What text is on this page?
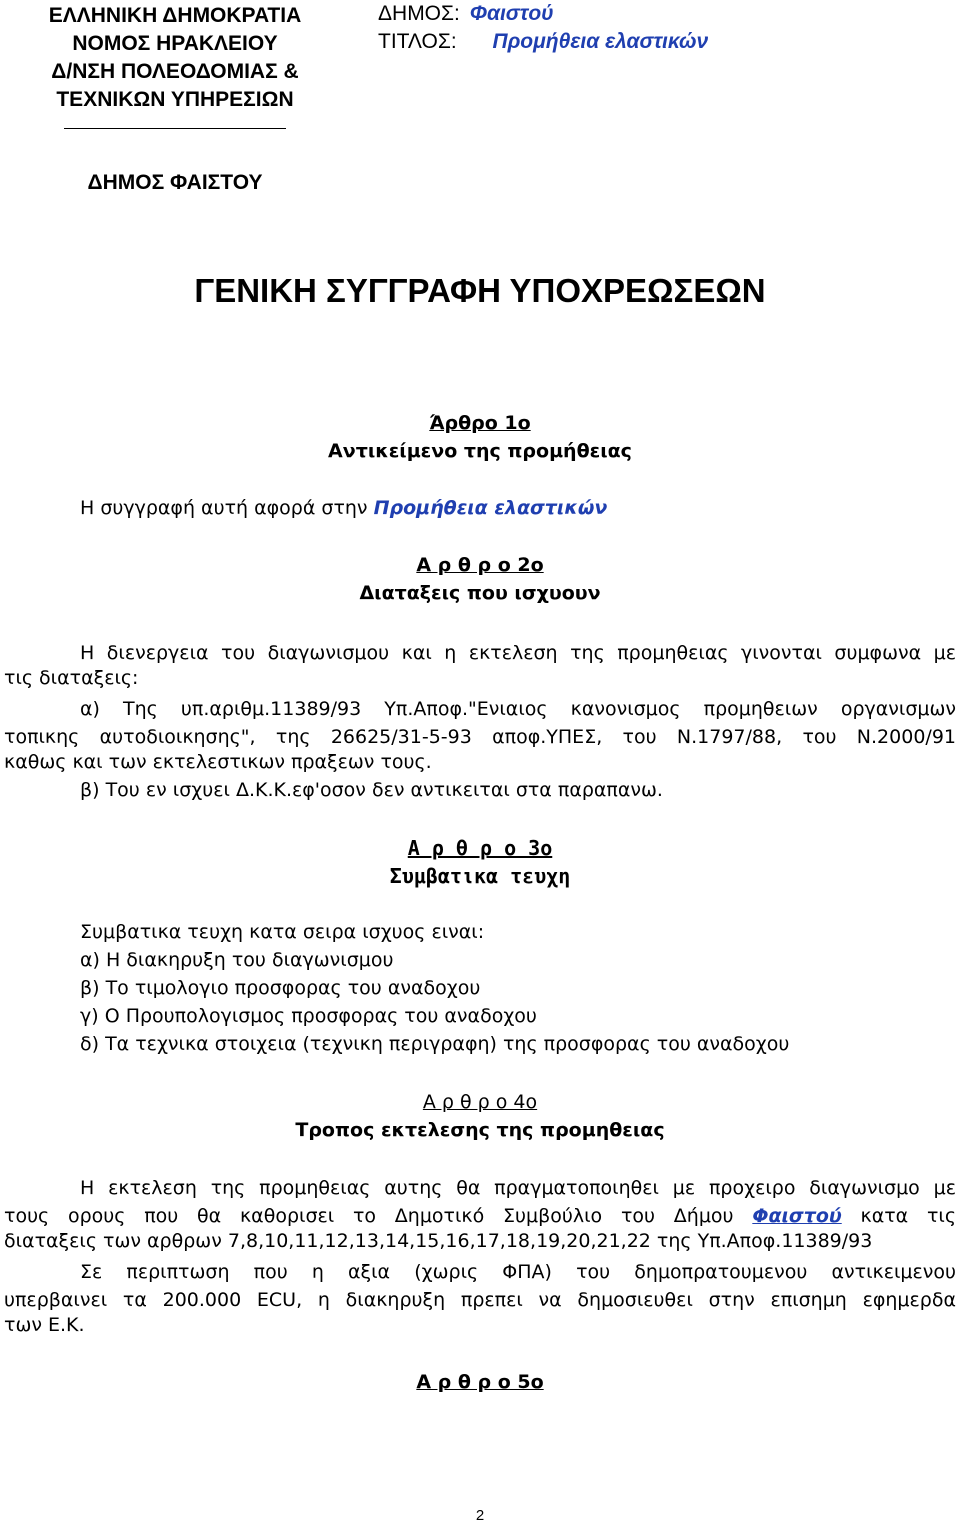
ΕΛΛΗΝΙΚΗ ΔΗΜΟΚΡΑΤΙΑ
ΝΟΜΟΣ ΗΡΑΚΛΕΙΟΥ
Δ/ΝΣΗ ΠΟΛΕΟΔΟΜΙΑΣ &
ΤΕΧΝΙΚΩΝ ΥΠΗΡΕΣΙΩΝ
ΔΗΜΟΣ ΦΑΙΣΤΟΥ
ΔΗΜΟΣ: Φαιστού
ΤΙΤΛΟΣ: Προμήθεια ελαστικών
ΓΕΝΙΚΗ ΣΥΓΓΡΑΦΗ ΥΠΟΧΡΕΩΣΕΩΝ
Άρθρο 1ο
Αντικείμενο της προμήθειας
Η συγγραφή αυτή αφορά στην Προμήθεια ελαστικών
Α ρ θ ρ ο 2ο
Διαταξεις που ισχυουν
Η διενεργεια του διαγωνισμου και η εκτελεση της προμηθειας γινονται συμφωνα με
τις διαταξεις:
α) Της υπ.αριθμ.11389/93 Υπ.Αποφ."Ενιαιος κανονισμος προμηθειων οργανισμων
τοπικης αυτοδιοικησης", της 26625/31-5-93 αποφ.ΥΠΕΣ, του Ν.1797/88, του Ν.2000/91
καθως και των εκτελεστικων πραξεων τους.
β) Του εν ισχυει Δ.Κ.Κ.εφ'οσον δεν αντικειται στα παραπανω.
Α ρ θ ρ ο 3ο
Συμβατικα τευχη
Συμβατικα τευχη κατα σειρα ισχυος ειναι:
α) Η διακηρυξη του διαγωνισμου
β) Το τιμολογιο προσφορας του αναδοχου
γ) Ο Προυπολογισμος προσφορας του αναδοχου
δ) Τα τεχνικα στοιχεια (τεχνικη περιγραφη) της προσφορας του αναδοχου
Α ρ θ ρ ο 4ο
Τροπος εκτελεσης της προμηθειας
Η εκτελεση της προμηθειας αυτης θα πραγματοποιηθει με προχειρο διαγωνισμο με
τους ορους που θα καθορισει το Δημοτικό Συμβούλιο του Δήμου Φαιστού κατα τις
διαταξεις των αρθρων 7,8,10,11,12,13,14,15,16,17,18,19,20,21,22 της Υπ.Αποφ.11389/93
Σε περιπτωση που η αξια (χωρις ΦΠΑ) του δημοπρατουμενου αντικειμενου
υπερβαινει τα 200.000 ECU, η διακηρυξη πρεπει να δημοσιευθει στην επισημη εφημερδα
των Ε.Κ.
Α ρ θ ρ ο 5ο
2
